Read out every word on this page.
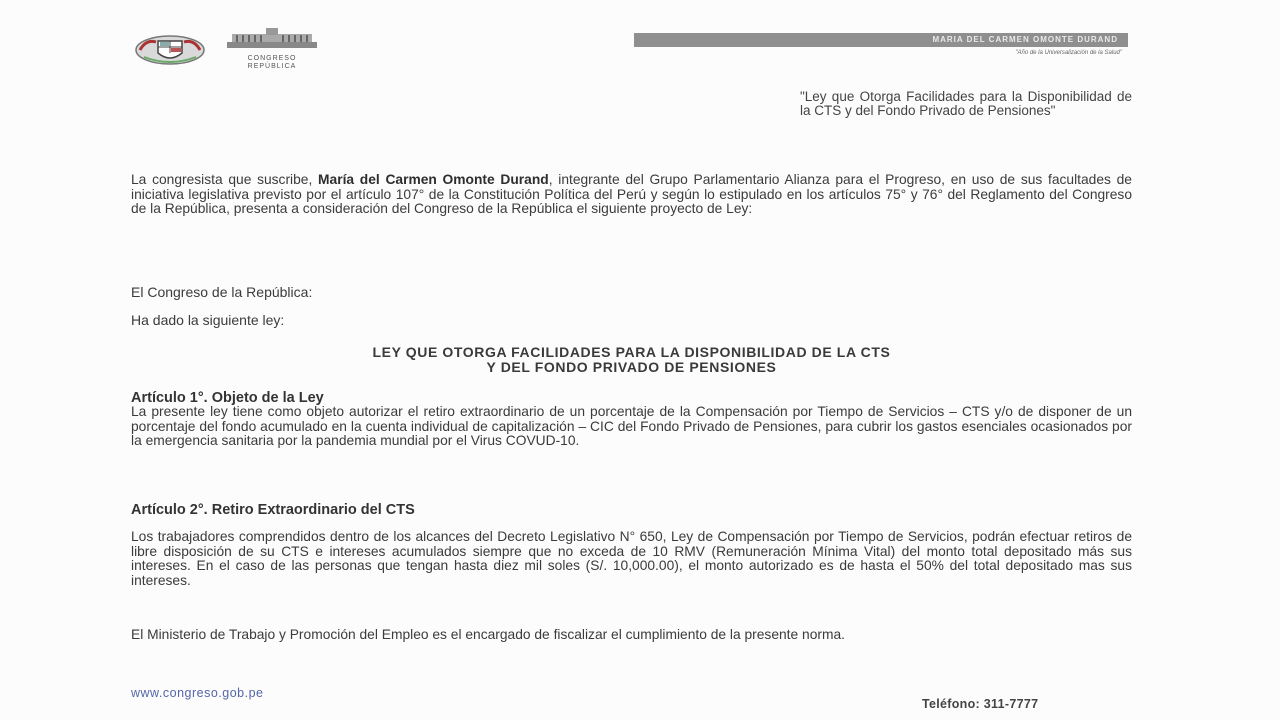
CONGRESO
REPÚBLICA
MARIA DEL CARMEN OMONTE DURAND
"Año de la Universalización de la Salud"
"Ley que Otorga Facilidades para la Disponibilidad de la CTS y del Fondo Privado de Pensiones"
La congresista que suscribe, María del Carmen Omonte Durand, integrante del Grupo Parlamentario Alianza para el Progreso, en uso de sus facultades de iniciativa legislativa previsto por el artículo 107° de la Constitución Política del Perú y según lo estipulado en los artículos 75° y 76° del Reglamento del Congreso de la República, presenta a consideración del Congreso de la República el siguiente proyecto de Ley:
El Congreso de la República:
Ha dado la siguiente ley:
LEY QUE OTORGA FACILIDADES PARA LA DISPONIBILIDAD DE LA CTS
Y DEL FONDO PRIVADO DE PENSIONES
Artículo 1°. Objeto de la Ley
La presente ley tiene como objeto autorizar el retiro extraordinario de un porcentaje de la Compensación por Tiempo de Servicios – CTS y/o de disponer de un porcentaje del fondo acumulado en la cuenta individual de capitalización – CIC del Fondo Privado de Pensiones, para cubrir los gastos esenciales ocasionados por la emergencia sanitaria por la pandemia mundial por el Virus COVUD-10.
Artículo 2°. Retiro Extraordinario del CTS
Los trabajadores comprendidos dentro de los alcances del Decreto Legislativo N° 650, Ley de Compensación por Tiempo de Servicios, podrán efectuar retiros de libre disposición de su CTS e intereses acumulados siempre que no exceda de 10 RMV (Remuneración Mínima Vital) del monto total depositado más sus intereses. En el caso de las personas que tengan hasta diez mil soles (S/. 10,000.00), el monto autorizado es de hasta el 50% del total depositado mas sus intereses.
El Ministerio de Trabajo y Promoción del Empleo es el encargado de fiscalizar el cumplimiento de la presente norma.
www.congreso.gob.pe
Teléfono: 311-7777
